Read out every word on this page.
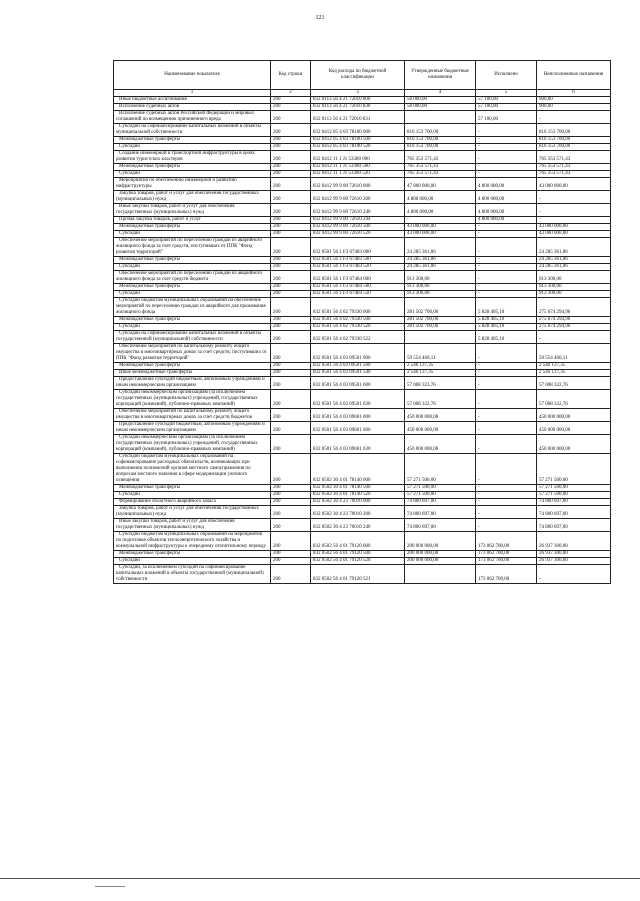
121
Наименование показателя	Код строки	Код расхода по бюджетной классификации	Утвержденные бюджетные назначения	Исполнено	Неисполненные назначения
1	2	3	4	5	6
Иные бюджетные ассигнования	200	832 0113 56 4 21 72010 800	58 000,00	57 100,00	900,00
Исполнение судебных актов	200	832 0113 56 4 21 72010 830	58 000,00	57 100,00	900,00
Исполнение судебных актов Российской Федерации и мировых соглашений по возмещению причиненного вреда	200	832 0113 56 4 21 72010 831		57 100,00	-
Субсидии на софинансирование капитальных вложений в объекты муниципальной собственности	200	832 0412 05 4 03 78100 000	816 153 700,00	-	816 153 700,00
Межбюджетные трансферты	200	832 0412 05 4 03 78100 500	816 153 700,00	-	816 153 700,00
Субсидии	200	832 0412 05 4 03 78100 520	816 153 700,00	-	816 153 700,00
Создание инженерной и транспортной инфраструктуры в целях развития туристских кластеров	200	832 0412 11 1 J1 53380 000	765 353 571,43	-	765 353 571,43
Межбюджетные трансферты	200	832 0412 11 1 J1 53380 500	765 353 571,43	-	765 353 571,43
Субсидии	200	832 0412 11 1 J1 53380 520	765 353 571,43	-	765 353 571,43
Мероприятия по обеспечению инженерной и развитию инфраструктуры	200	832 0412 99 9 00 72610 000	47 800 000,00	4 800 000,00	43 000 000,00
Закупка товаров, работ и услуг для обеспечения государственных (муниципальных) нужд	200	832 0412 99 9 00 72610 200	4 800 000,00	4 800 000,00	-
Иные закупки товаров, работ и услуг для обеспечения государственных (муниципальных) нужд	200	832 0412 99 9 00 72610 240	4 800 000,00	4 800 000,00	-
Прочая закупка товаров, работ и услуг	200	832 0412 99 9 00 72610 244	-	4 800 000,00	-
Межбюджетные трансферты	200	832 0412 99 9 00 72610 500	43 000 000,00	-	43 000 000,00
Субсидии	200	832 0412 99 9 00 72610 520	43 000 000,00	-	43 000 000,00
Обеспечение мероприятий по переселению граждан из аварийного жилищного фонда за счет средств, поступивших от ППК "Фонд развития территорий"	200	832 0501 56 1 F3 67483 000	24 285 361,06	-	24 285 361,06
Межбюджетные трансферты	200	832 0501 56 1 F3 67483 500	24 285 361,06	-	24 285 361,06
Субсидии	200	832 0501 56 1 F3 67483 520	24 285 361,06	-	24 285 361,06
Обеспечение мероприятий по переселению граждан из аварийного жилищного фонда за счет средств бюджета	200	832 0501 56 1 F3 67484 000	913 300,00	-	913 300,00
Межбюджетные трансферты	200	832 0501 56 1 F3 67484 500	913 300,00	-	913 300,00
Субсидии	200	832 0501 56 1 F3 67484 520	913 300,00	-	913 300,00
Субсидии бюджетам муниципальных образований на обеспечение мероприятий по переселению граждан из аварийного для проживания жилищного фонда	200	832 0501 56 4 02 79330 000	281 502 700,06	5 828 405,10	275 674 294,96
Межбюджетные трансферты	200	832 0501 56 4 02 79330 500	281 502 700,06	5 828 405,10	275 674 294,96
Субсидии	200	832 0501 56 4 02 79330 520	281 502 700,06	5 828 405,10	275 674 294,96
Субсидии на софинансирование капитальных вложений в объекты государственной (муниципальной) собственности	200	832 0501 56 4 02 79330 522		5 828 405,10	-
Обеспечение мероприятий по капитальному ремонту общего имущества в многоквартирных домах за счет средств, поступивших от ППК "Фонд развития территорий"	200	832 0501 56 4 03 09501 000	59 554 460,11	-	59 554 460,11
Межбюджетные трансферты	200	832 0501 56 4 03 09501 500	2 546 137,35	-	2 546 137,35
Иные межбюджетные трансферты	200	832 0501 56 4 03 09501 540	2 546 137,35	-	2 546 137,35
Предоставление субсидий бюджетным, автономным учреждениям и иным некоммерческим организациям	200	832 0501 56 4 03 09501 600	57 008 322,76	-	57 008 322,76
Субсидии некоммерческим организациям (за исключением государственных (муниципальных) учреждений, государственных корпораций (компаний), публично-правовых компаний)	200	832 0501 56 4 03 09501 630	57 008 322,76	-	57 008 322,76
Обеспечение мероприятий по капитальному ремонту общего имущества в многоквартирных домах за счет средств бюджетов	200	832 0501 56 4 03 09601 000	450 000 000,00	-	450 000 000,00
Предоставление субсидий бюджетным, автономным учреждениям и иным некоммерческим организациям	200	832 0501 56 4 03 09601 600	450 000 000,00	-	450 000 000,00
Субсидии некоммерческим организациям (за исключением государственных (муниципальных) учреждений, государственных корпораций (компаний), публично-правовых компаний)	200	832 0501 56 4 03 09601 630	450 000 000,00	-	450 000 000,00
Субсидии бюджетам муниципальных образований на софинансирование расходных обязательств, возникающих при выполнении полномочий органов местного самоуправления по вопросам местного значения в сфере модернизации уличного освещения	200	832 0502 30 4 01 78140 000	57 271 500,00	-	57 271 500,00
Межбюджетные трансферты	200	832 0502 30 4 01 78140 500	57 271 500,00	-	57 271 500,00
Субсидии	200	832 0502 30 4 01 78140 520	57 271 500,00	-	57 271 500,00
Формирование областного аварийного запаса	200	832 0502 30 4 23 70010 000	74 800 697,00	-	74 800 697,00
Закупка товаров, работ и услуг для обеспечения государственных (муниципальных) нужд	200	832 0502 30 4 23 70010 200	74 800 697,00	-	74 800 697,00
Иные закупки товаров, работ и услуг для обеспечения государственных (муниципальных) нужд	200	832 0502 30 4 23 70010 240	74 800 697,00	-	74 800 697,00
Субсидии бюджетам муниципальных образований на мероприятия по подготовке объектов теплоэнергетического хозяйства и коммунальной инфраструктуры к очередному отопительному периоду	200	832 0502 56 4 01 79120 000	200 000 000,00	173 062 700,00	26 937 300,00
Межбюджетные трансферты	200	832 0502 56 4 01 79120 500	200 000 000,00	173 062 700,00	26 937 300,00
Субсидии	200	832 0502 56 4 01 79120 520	200 000 000,00	173 062 700,00	26 937 300,00
Субсидии, за исключением субсидий на софинансирование капитальных вложений в объекты государственной (муниципальной) собственности	200	832 0502 56 4 01 79120 521		173 062 700,00	-
